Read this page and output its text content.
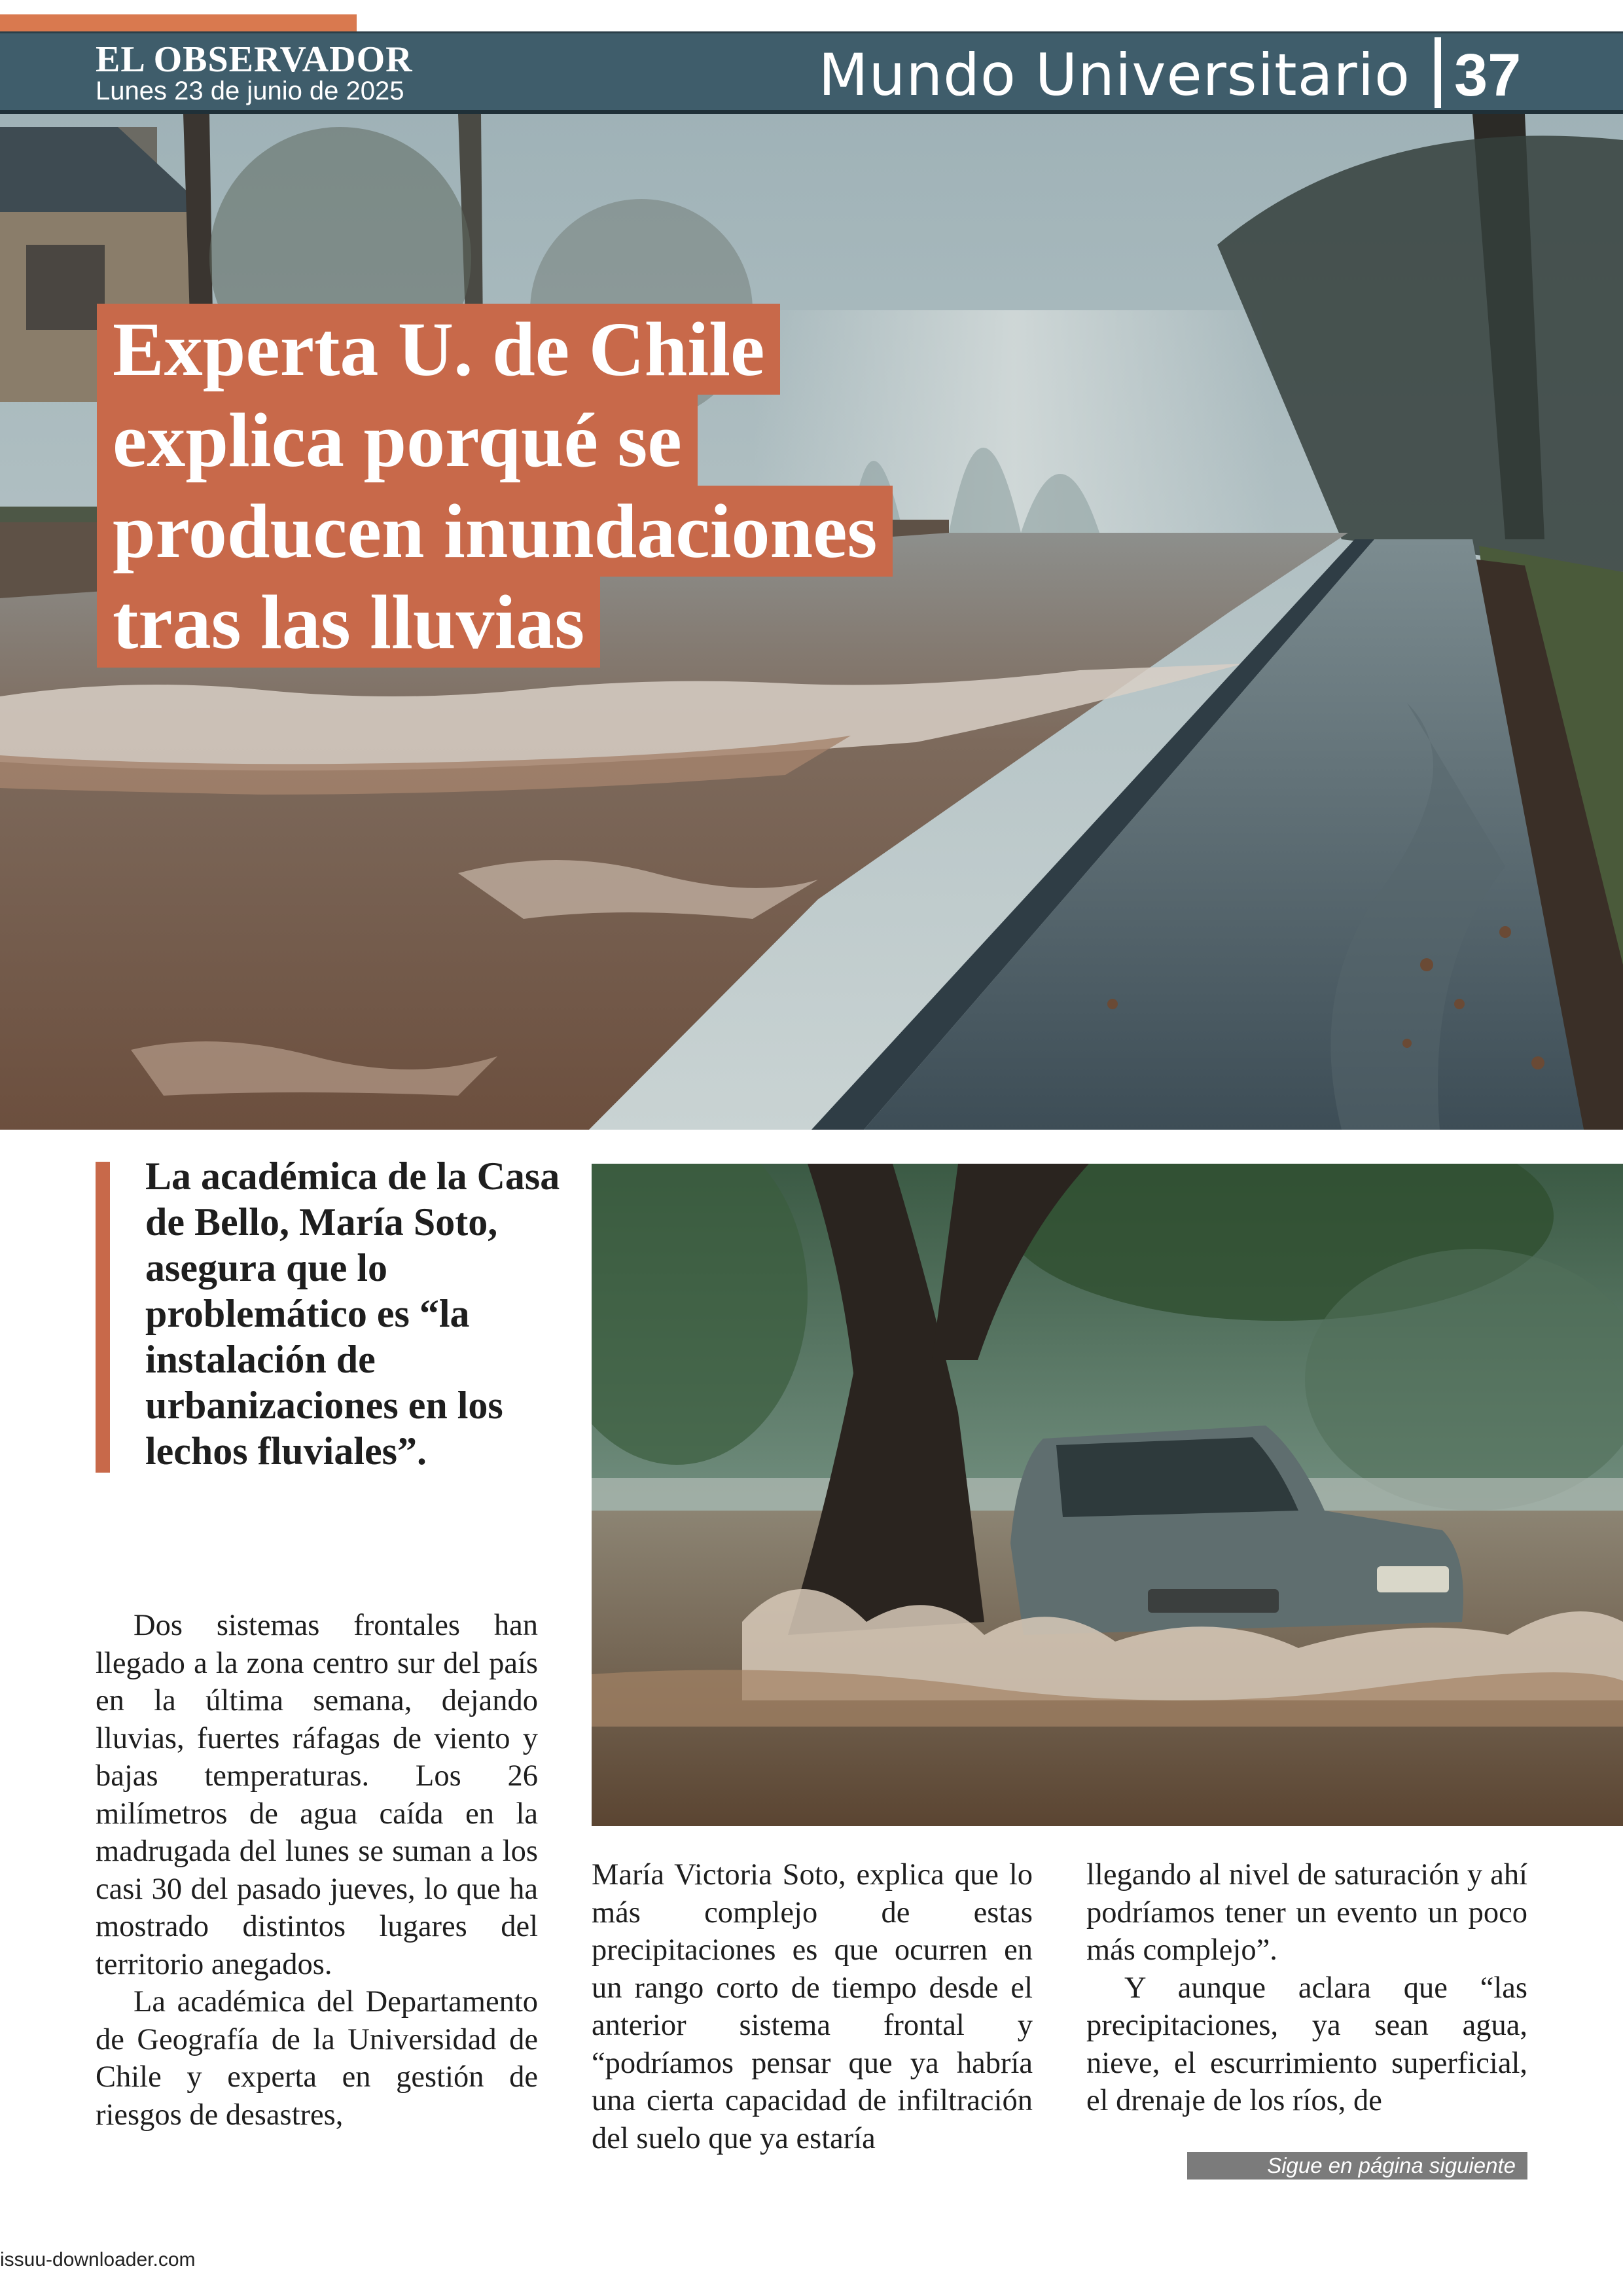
EL OBSERVADOR
Lunes 23 de junio de 2025	Mundo Universitario 37
Experta U. de Chile
explica porqué se
producen inundaciones
tras las lluvias

La académica de la Casa de Bello, María Soto, asegura que lo problemático es “la instalación de urbanizaciones en los lechos fluviales”.

Dos sistemas frontales han llegado a la zona centro sur del país en la última semana, dejando lluvias, fuertes ráfagas de viento y bajas temperaturas. Los 26 milímetros de agua caída en la madrugada del lunes se suman a los casi 30 del pasado jueves, lo que ha mostrado distintos lugares del territorio anegados.

La académica del Departamento de Geografía de la Universidad de Chile y experta en gestión de riesgos de desastres,

María Victoria Soto, explica que lo más complejo de estas precipitaciones es que ocurren en un rango corto de tiempo desde el anterior sistema frontal y “podríamos pensar que ya habría una cierta capacidad de infiltración del suelo que ya estaría

llegando al nivel de saturación y ahí podríamos tener un evento un poco más complejo”.

Y aunque aclara que “las precipitaciones, ya sean agua, nieve, el escurrimiento superficial, el drenaje de los ríos, de

Sigue en página siguiente
issuu-downloader.com
